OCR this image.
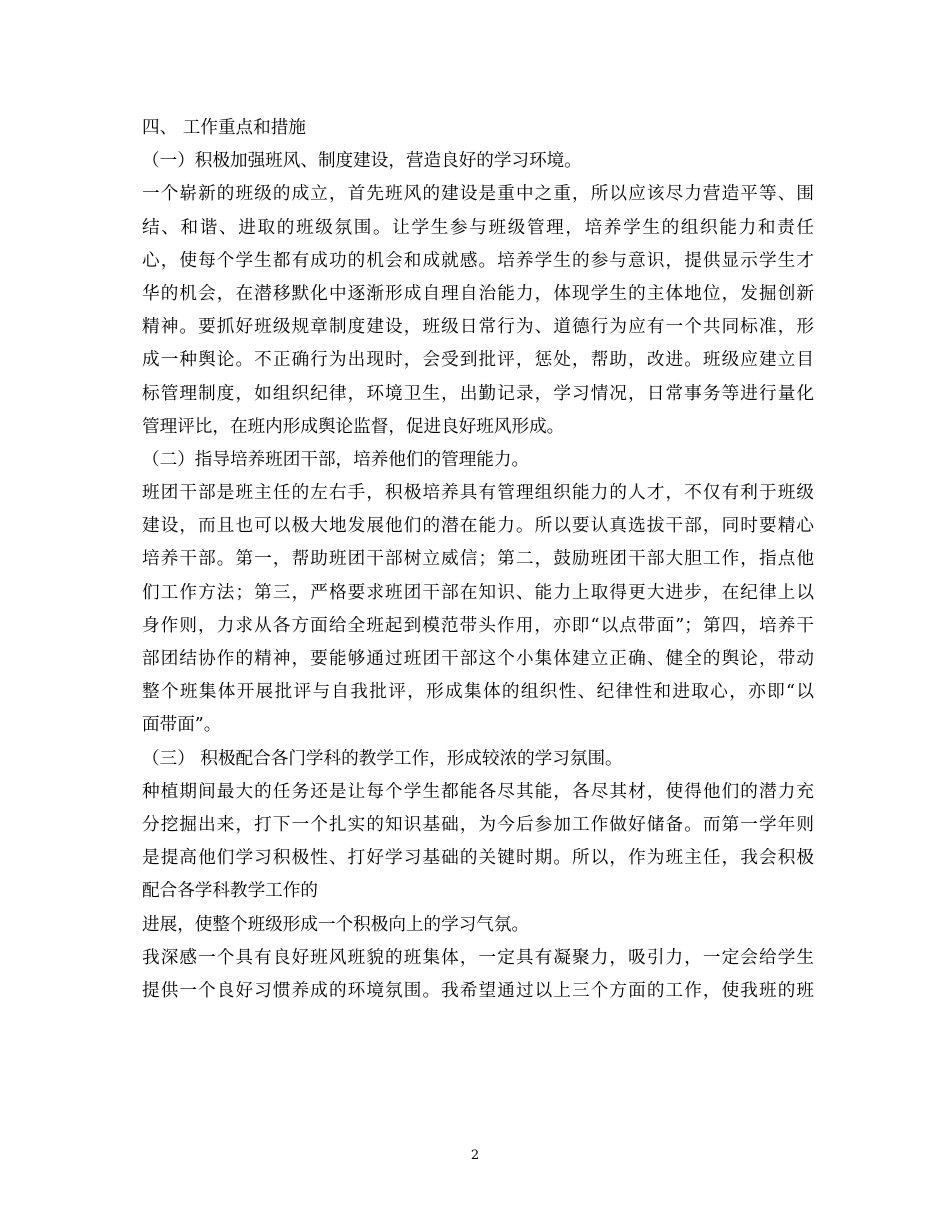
四、 工作重点和措施
（一）积极加强班风、制度建设，营造良好的学习环境。
一个崭新的班级的成立，首先班风的建设是重中之重，所以应该尽力营造平等、围
结、和谐、进取的班级氛围。让学生参与班级管理，培养学生的组织能力和责任
心，使每个学生都有成功的机会和成就感。培养学生的参与意识，提供显示学生才
华的机会，在潜移默化中逐渐形成自理自治能力，体现学生的主体地位，发掘创新
精神。要抓好班级规章制度建设，班级日常行为、道德行为应有一个共同标准，形
成一种舆论。不正确行为出现时，会受到批评，惩处，帮助，改进。班级应建立目
标管理制度，如组织纪律，环境卫生，出勤记录，学习情况，日常事务等进行量化
管理评比，在班内形成舆论监督，促进良好班风形成。
（二）指导培养班团干部，培养他们的管理能力。
班团干部是班主任的左右手，积极培养具有管理组织能力的人才，不仅有利于班级
建设，而且也可以极大地发展他们的潜在能力。所以要认真选拔干部，同时要精心
培养干部。第一，帮助班团干部树立威信；第二，鼓励班团干部大胆工作，指点他
们工作方法；第三，严格要求班团干部在知识、能力上取得更大进步，在纪律上以
身作则，力求从各方面给全班起到模范带头作用，亦即“以点带面”；第四，培养干
部团结协作的精神，要能够通过班团干部这个小集体建立正确、健全的舆论，带动
整个班集体开展批评与自我批评，形成集体的组织性、纪律性和进取心，亦即“以
面带面”。
（三） 积极配合各门学科的教学工作，形成较浓的学习氛围。
种植期间最大的任务还是让每个学生都能各尽其能，各尽其材，使得他们的潜力充
分挖掘出来，打下一个扎实的知识基础，为今后参加工作做好储备。而第一学年则
是提高他们学习积极性、打好学习基础的关键时期。所以，作为班主任，我会积极
配合各学科教学工作的
进展，使整个班级形成一个积极向上的学习气氛。
我深感一个具有良好班风班貌的班集体，一定具有凝聚力，吸引力，一定会给学生
提供一个良好习惯养成的环境氛围。我希望通过以上三个方面的工作，使我班的班
2
